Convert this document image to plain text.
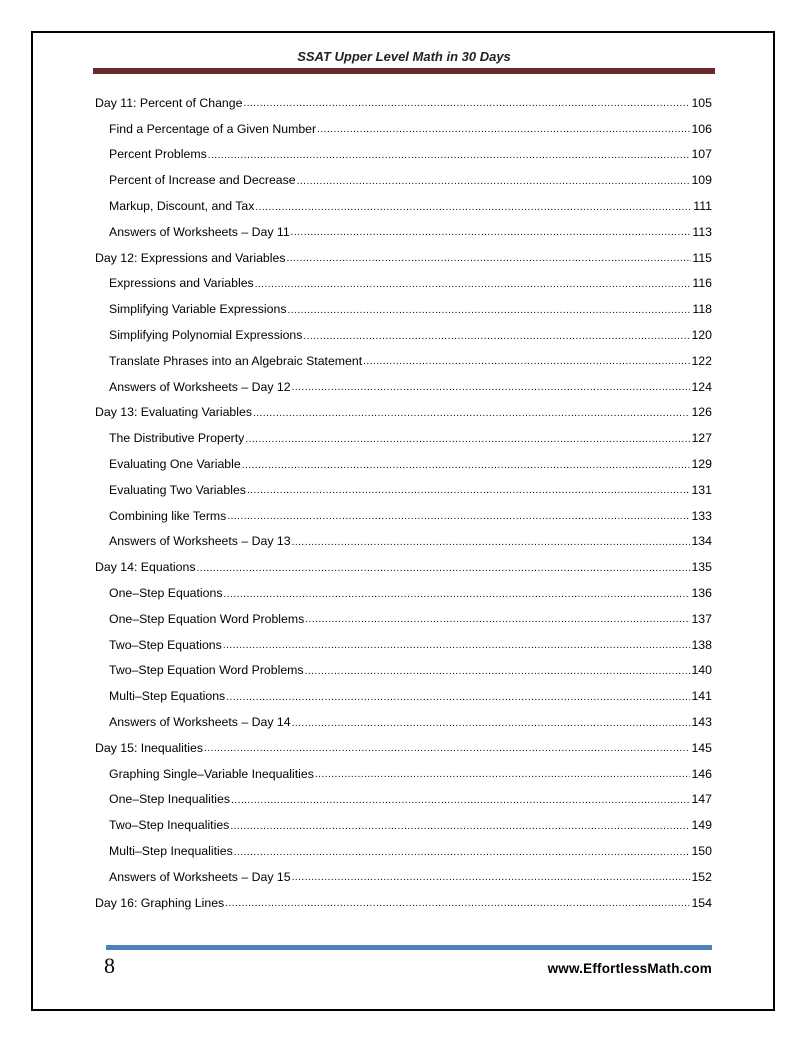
SSAT Upper Level Math in 30 Days
Day 11: Percent of Change .....	105
Find a Percentage of a Given Number .....	106
Percent Problems .....	107
Percent of Increase and Decrease .....	109
Markup, Discount, and Tax .....	111
Answers of Worksheets – Day 11 .....	113
Day 12: Expressions and Variables .....	115
Expressions and Variables .....	116
Simplifying Variable Expressions .....	118
Simplifying Polynomial Expressions .....	120
Translate Phrases into an Algebraic Statement .....	122
Answers of Worksheets – Day 12 .....	124
Day 13: Evaluating Variables .....	126
The Distributive Property .....	127
Evaluating One Variable .....	129
Evaluating Two Variables .....	131
Combining like Terms .....	133
Answers of Worksheets – Day 13 .....	134
Day 14: Equations .....	135
One–Step Equations .....	136
One–Step Equation Word Problems .....	137
Two–Step Equations .....	138
Two–Step Equation Word Problems .....	140
Multi–Step Equations .....	141
Answers of Worksheets – Day 14 .....	143
Day 15: Inequalities .....	145
Graphing Single–Variable Inequalities .....	146
One–Step Inequalities .....	147
Two–Step Inequalities .....	149
Multi–Step Inequalities .....	150
Answers of Worksheets – Day 15 .....	152
Day 16: Graphing Lines .....	154
8	www.EffortlessMath.com
